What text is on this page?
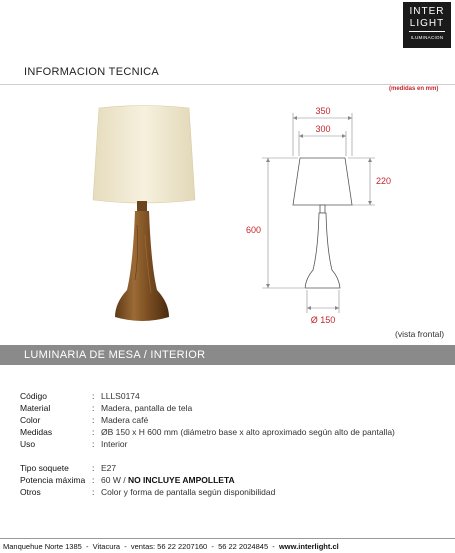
INTER
LIGHT
ILUMINACION
INFORMACION TECNICA
(medidas en mm)
350
300
220
600
Ø 150
(vista frontal)
LUMINARIA DE MESA / INTERIOR
Código	: LLLS0174
Material	: Madera, pantalla de tela
Color	: Madera café
Medidas	: ØB 150 x H 600 mm (diámetro base x alto aproximado según alto de pantalla)
Uso	: Interior
Tipo soquete	: E27
Potencia máxima : 60 W / NO INCLUYE AMPOLLETA
Otros	: Color y forma de pantalla según disponibilidad
Manquehue Norte 1385 - Vitacura - ventas: 56 22 2207160 - 56 22 2024845 - www.interlight.cl
